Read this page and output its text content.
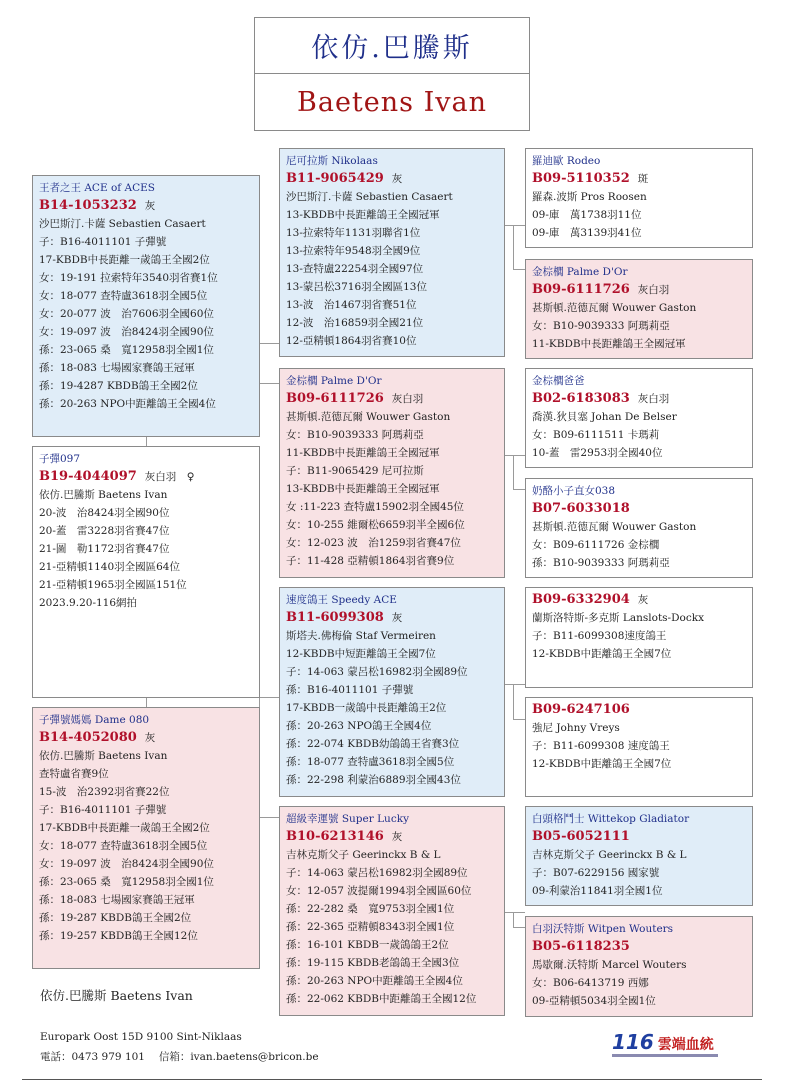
依仿.巴騰斯
Baetens Ivan
王者之王 ACE of ACES
B14-1053232 灰
沙巴斯汀.卡薩 Sebastien Casaert
子：B16-4011101 子彈號
17-KBDB中長距離一歲鴿王全國2位
女：19-191 拉索特年3540羽省賽1位
女：18-077 查特盧3618羽全國5位
女：20-077 波　治7606羽全國60位
女：19-097 波　治8424羽全國90位
孫：23-065 桑　寬12958羽全國1位
孫：18-083 七場國家賽鴿王冠軍
孫：19-4287 KBDB鴿王全國2位
孫：20-263 NPO中距離鴿王全國4位
子彈097
B19-4044097 灰白羽　♀
依仿.巴騰斯 Baetens Ivan
20-波　治8424羽全國90位
20-蓋　雷3228羽省賽47位
21-圖　勒1172羽省賽47位
21-亞精頓1140羽全國區64位
21-亞精頓1965羽全國區151位
2023.9.20-116網拍
子彈號媽媽 Dame 080
B14-4052080 灰
依仿.巴騰斯 Baetens Ivan
查特盧省賽9位
15-波　治2392羽省賽22位
子：B16-4011101 子彈號
17-KBDB中長距離一歲鴿王全國2位
女：18-077 查特盧3618羽全國5位
女：19-097 波　治8424羽全國90位
孫：23-065 桑　寬12958羽全國1位
孫：18-083 七場國家賽鴿王冠軍
孫：19-287 KBDB鴿王全國2位
孫：19-257 KBDB鴿王全國12位
尼可拉斯 Nikolaas
B11-9065429 灰
沙巴斯汀.卡薩 Sebastien Casaert
13-KBDB中長距離鴿王全國冠軍
13-拉索特年1131羽聯省1位
13-拉索特年9548羽全國9位
13-查特盧22254羽全國97位
13-蒙呂松3716羽全國區13位
13-波　治1467羽省賽51位
12-波　治16859羽全國21位
12-亞精頓1864羽省賽10位
金棕櫚 Palme D'Or
B09-6111726 灰白羽
甚斯頓.范德瓦爾 Wouwer Gaston
女：B10-9039333 阿瑪莉亞
11-KBDB中長距離鴿王全國冠軍
子：B11-9065429 尼可拉斯
13-KBDB中長距離鴿王全國冠軍
女 :11-223 查特盧15902羽全國45位
女：10-255 維爾松6659羽半全國6位
女：12-023 波　治1259羽省賽47位
子：11-428 亞精頓1864羽省賽9位
速度鴿王 Speedy ACE
B11-6099308 灰
斯塔夫.佛梅倫 Staf Vermeiren
12-KBDB中短距離鴿王全國7位
子：14-063 蒙呂松16982羽全國89位
孫：B16-4011101 子彈號
17-KBDB一歲鴿中長距離鴿王2位
孫：20-263 NPO鴿王全國4位
孫：22-074 KBDB幼鴿鴿王省賽3位
孫：18-077 查特盧3618羽全國5位
孫：22-298 利蒙治6889羽全國43位
超級幸運號 Super Lucky
B10-6213146 灰
吉林克斯父子 Geerinckx B & L
子：14-063 蒙呂松16982羽全國89位
女：12-057 波提爾1994羽全國區60位
孫：22-282 桑　寬9753羽全國1位
孫：22-365 亞精頓8343羽全國1位
孫：16-101 KBDB一歲鴿鴿王2位
孫：19-115 KBDB老鴿鴿王全國3位
孫：20-263 NPO中距離鴿王全國4位
孫：22-062 KBDB中距離鴿王全國12位
羅迪歐 Rodeo
B09-5110352 斑
羅森.波斯 Pros Roosen
09-庫　萬1738羽11位
09-庫　萬3139羽41位
金棕櫚 Palme D'Or
B09-6111726 灰白羽
甚斯頓.范德瓦爾 Wouwer Gaston
女：B10-9039333 阿瑪莉亞
11-KBDB中長距離鴿王全國冠軍
金棕櫚爸爸
B02-6183083 灰白羽
喬漢.狄貝塞 Johan De Belser
女：B09-6111511 卡瑪莉
10-蓋　雷2953羽全國40位
奶酪小子直女038
B07-6033018
甚斯頓.范德瓦爾 Wouwer Gaston
女：B09-6111726 金棕櫚
孫：B10-9039333 阿瑪莉亞
B09-6332904 灰
蘭斯洛特斯-多克斯 Lanslots-Dockx
子：B11-6099308速度鴿王
12-KBDB中距離鴿王全國7位
B09-6247106
強尼 Johny Vreys
子：B11-6099308 速度鴿王
12-KBDB中距離鴿王全國7位
白頭格鬥士 Wittekop Gladiator
B05-6052111
吉林克斯父子 Geerinckx B & L
子：B07-6229156 國家號
09-利蒙治11841羽全國1位
白羽沃特斯 Witpen Wouters
B05-6118235
馬歇爾.沃特斯 Marcel Wouters
女：B06-6413719 西娜
09-亞精頓5034羽全國1位
依仿.巴騰斯 Baetens Ivan
Europark Oost 15D 9100 Sint-Niklaas
電話：0473 979 101　 信箱：ivan.baetens@bricon.be
116 雲端血統
